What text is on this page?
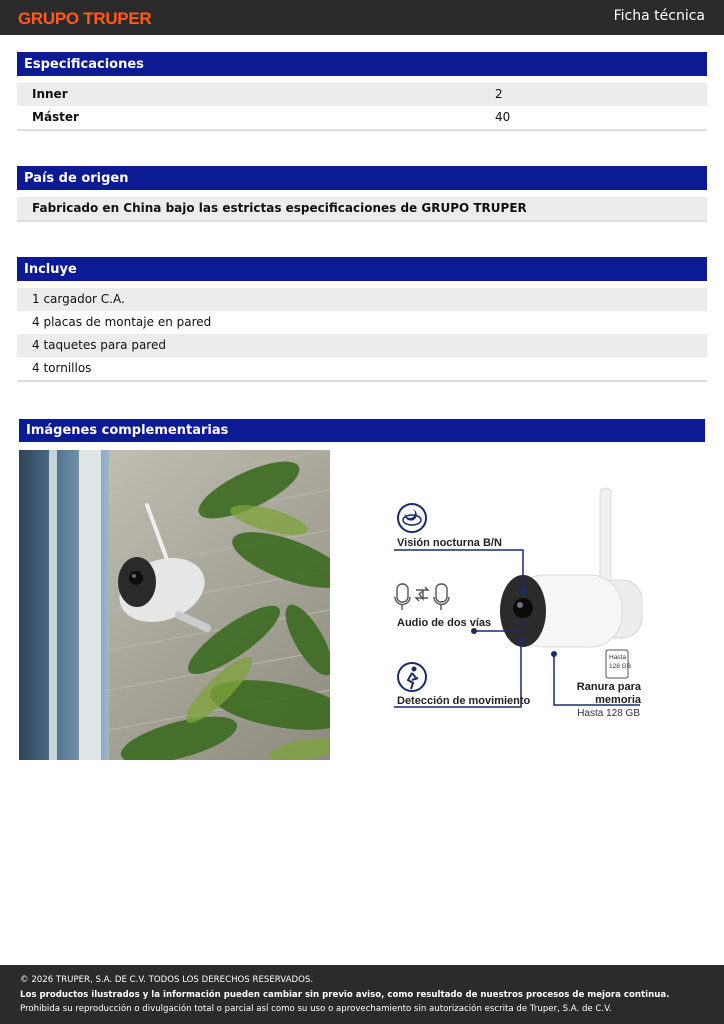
GRUPO TRUPER	Ficha técnica
Especificaciones
Inner	2
Máster	40
País de origen
Fabricado en China bajo las estrictas especificaciones de GRUPO TRUPER
Incluye
1 cargador C.A.
4 placas de montaje en pared
4 taquetes para pared
4 tornillos
Imágenes complementarias
Visión nocturna B/N
Audio de dos vías
Detección de movimiento
Ranura para
memoria
Hasta 128 GB
Hasta
128 GB
© 2026 TRUPER, S.A. DE C.V. TODOS LOS DERECHOS RESERVADOS.
Los productos ilustrados y la información pueden cambiar sin previo aviso, como resultado de nuestros procesos de mejora continua.
Prohibida su reproducción o divulgación total o parcial así como su uso o aprovechamiento sin autorización escrita de Truper, S.A. de C.V.
